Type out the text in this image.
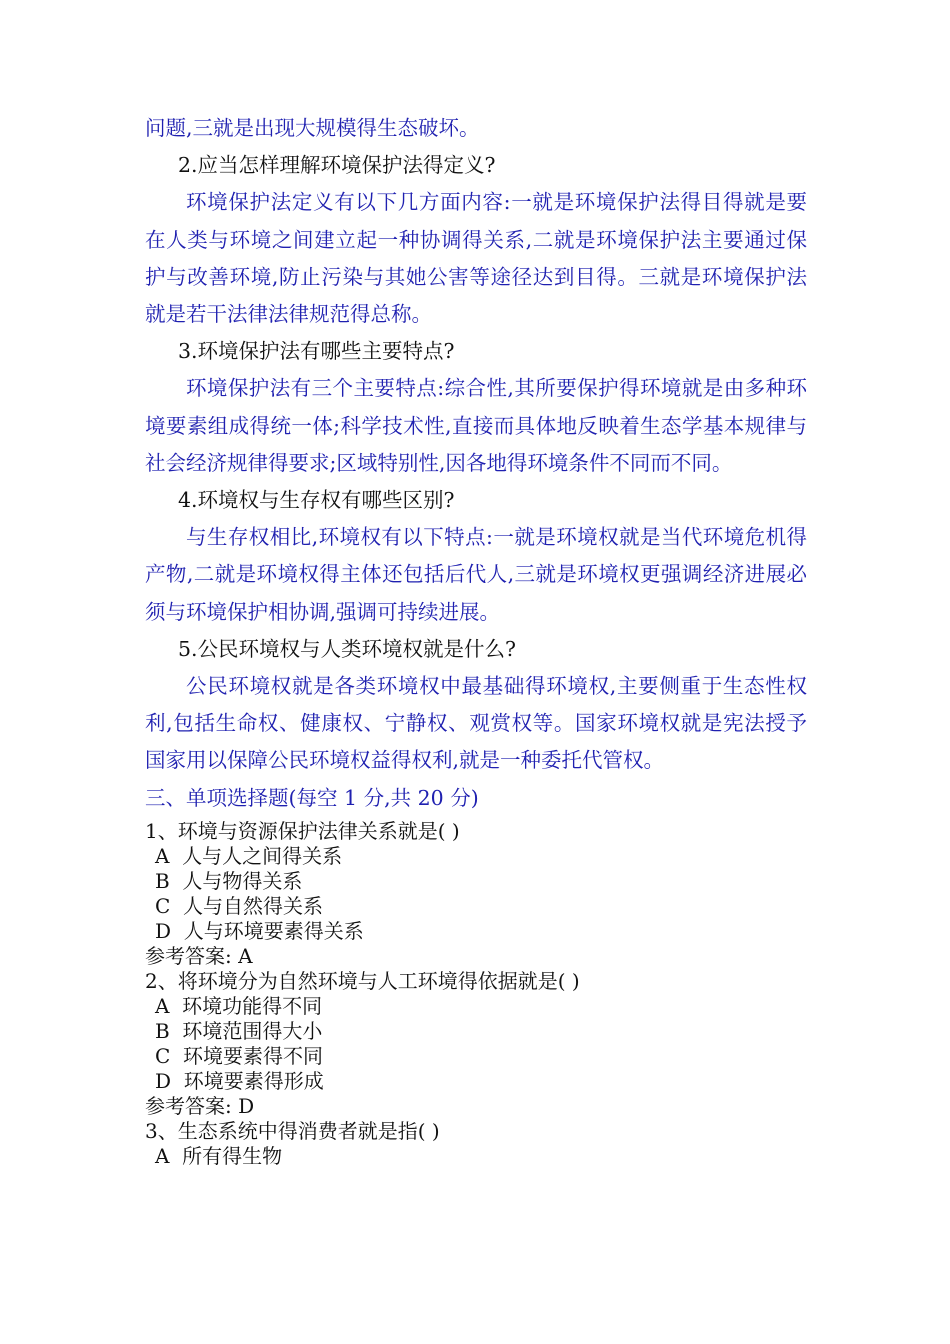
问题,三就是出现大规模得生态破坏。

2.应当怎样理解环境保护法得定义?

环境保护法定义有以下几方面内容:一就是环境保护法得目得就是要在人类与环境之间建立起一种协调得关系,二就是环境保护法主要通过保护与改善环境,防止污染与其她公害等途径达到目得。三就是环境保护法就是若干法律法律规范得总称。

3.环境保护法有哪些主要特点?

环境保护法有三个主要特点:综合性,其所要保护得环境就是由多种环境要素组成得统一体;科学技术性,直接而具体地反映着生态学基本规律与社会经济规律得要求;区域特别性,因各地得环境条件不同而不同。

4.环境权与生存权有哪些区别?

与生存权相比,环境权有以下特点:一就是环境权就是当代环境危机得产物,二就是环境权得主体还包括后代人,三就是环境权更强调经济进展必须与环境保护相协调,强调可持续进展。

5.公民环境权与人类环境权就是什么?

公民环境权就是各类环境权中最基础得环境权,主要侧重于生态性权利,包括生命权、健康权、宁静权、观赏权等。国家环境权就是宪法授予国家用以保障公民环境权益得权利,就是一种委托代管权。

三、单项选择题(每空 1 分,共 20 分)

1、环境与资源保护法律关系就是( )

A  人与人之间得关系

B  人与物得关系

C  人与自然得关系

D  人与环境要素得关系

参考答案: A

2、将环境分为自然环境与人工环境得依据就是( )

A  环境功能得不同

B  环境范围得大小

C  环境要素得不同

D  环境要素得形成

参考答案: D

3、生态系统中得消费者就是指( )

A  所有得生物
